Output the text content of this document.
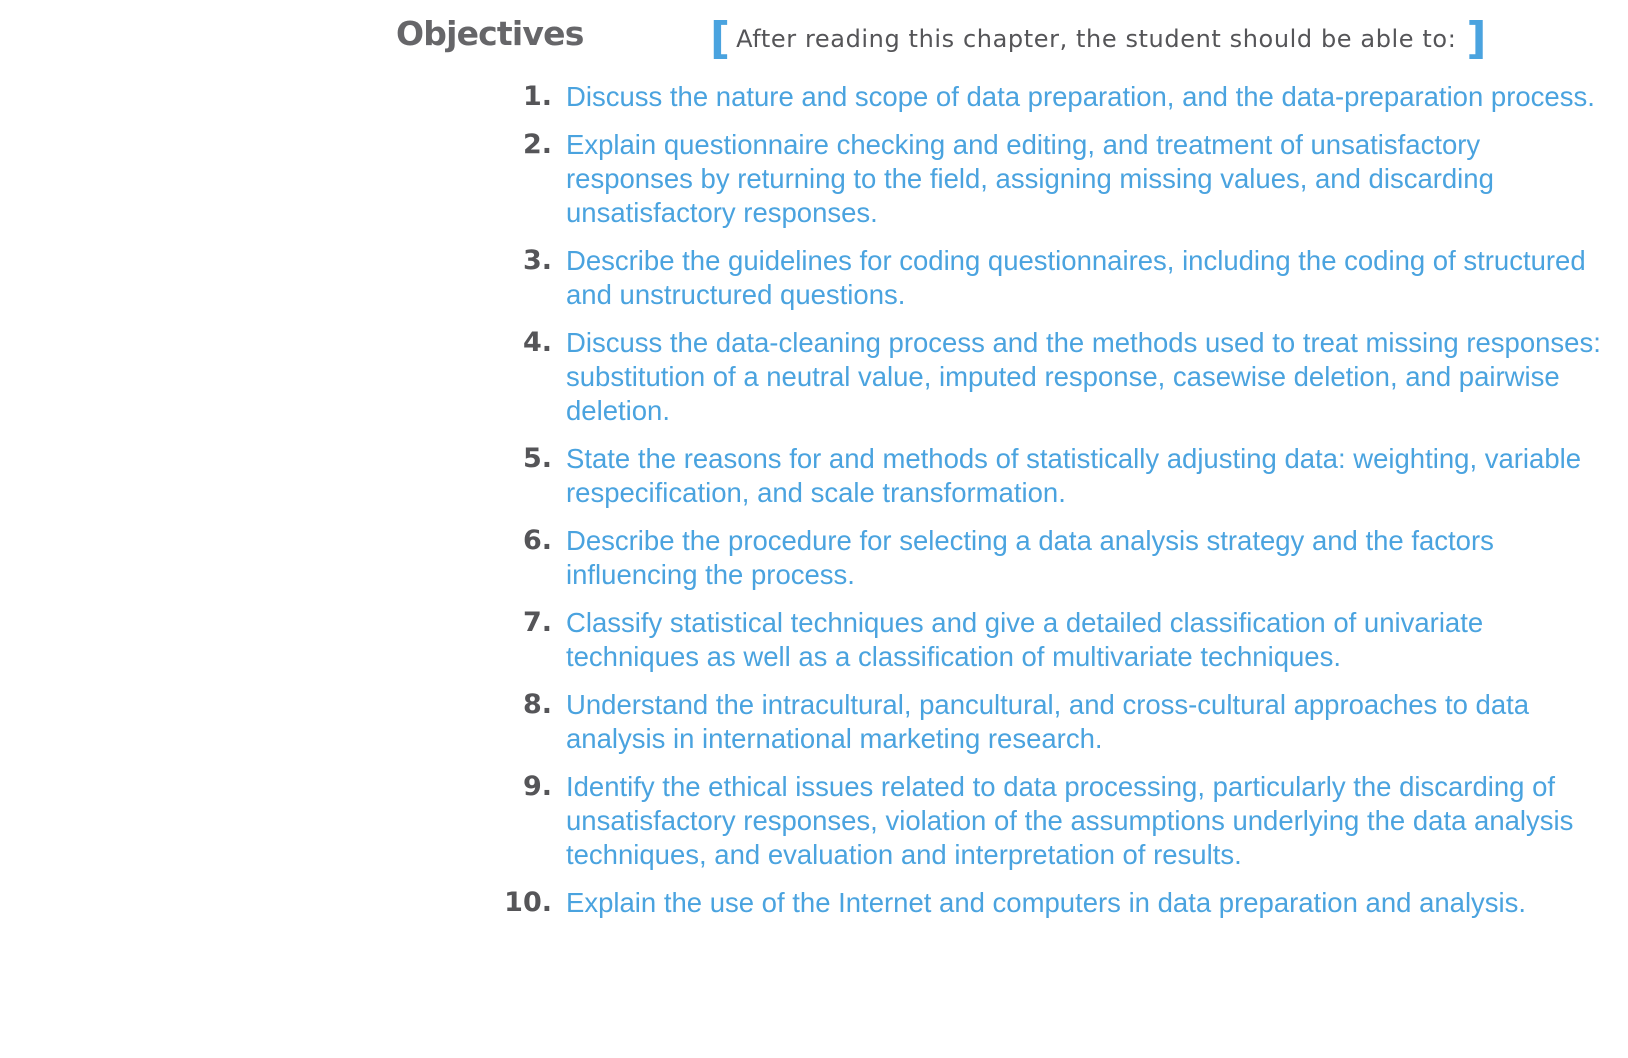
Objectives	[ After reading this chapter, the student should be able to: ]
1. Discuss the nature and scope of data preparation, and the data-preparation process.
2. Explain questionnaire checking and editing, and treatment of unsatisfactory responses by returning to the field, assigning missing values, and discarding unsatisfactory responses.
3. Describe the guidelines for coding questionnaires, including the coding of structured and unstructured questions.
4. Discuss the data-cleaning process and the methods used to treat missing responses: substitution of a neutral value, imputed response, casewise deletion, and pairwise deletion.
5. State the reasons for and methods of statistically adjusting data: weighting, variable respecification, and scale transformation.
6. Describe the procedure for selecting a data analysis strategy and the factors influencing the process.
7. Classify statistical techniques and give a detailed classification of univariate techniques as well as a classification of multivariate techniques.
8. Understand the intracultural, pancultural, and cross-cultural approaches to data analysis in international marketing research.
9. Identify the ethical issues related to data processing, particularly the discarding of unsatisfactory responses, violation of the assumptions underlying the data analysis techniques, and evaluation and interpretation of results.
10. Explain the use of the Internet and computers in data preparation and analysis.
